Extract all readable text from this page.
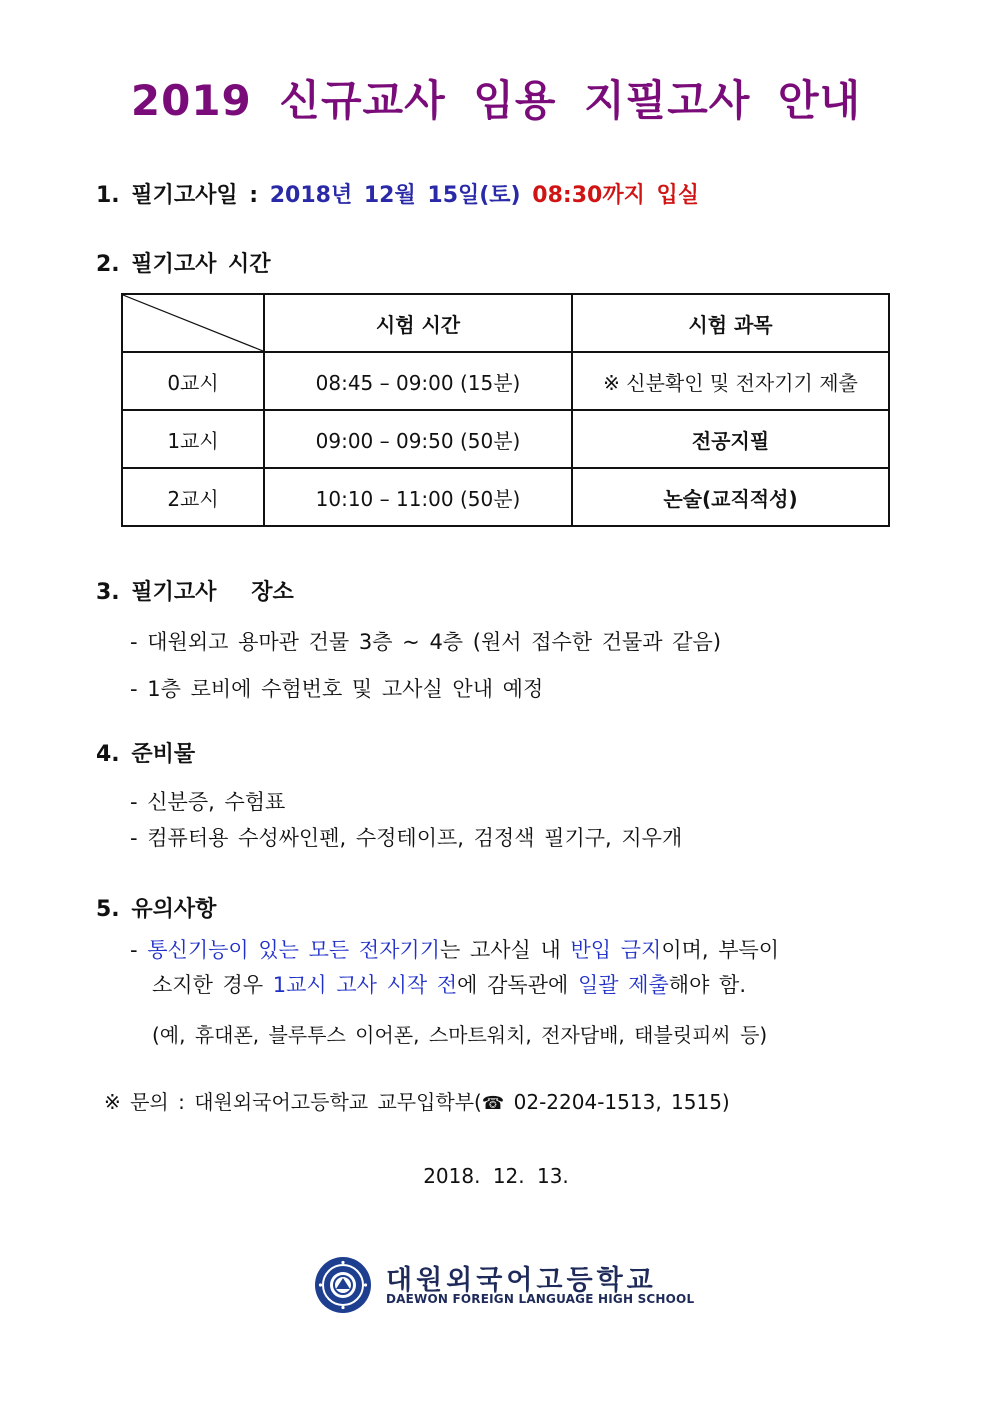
2019 신규교사 임용 지필고사 안내
1. 필기고사일 : 2018년 12월 15일(토) 08:30까지 입실
2. 필기고사 시간
	시험 시간	시험 과목
0교시	08:45 – 09:00 (15분)	※ 신분확인 및 전자기기 제출
1교시	09:00 – 09:50 (50분)	전공지필
2교시	10:10 – 11:00 (50분)	논술(교직적성)
3. 필기고사   장소
- 대원외고 용마관 건물 3층 ~ 4층 (원서 접수한 건물과 같음)
- 1층 로비에 수험번호 및 고사실 안내 예정
4. 준비물
- 신분증, 수험표
- 컴퓨터용 수성싸인펜, 수정테이프, 검정색 필기구, 지우개
5. 유의사항
- 통신기능이 있는 모든 전자기기는 고사실 내 반입 금지이며, 부득이
소지한 경우 1교시 고사 시작 전에 감독관에 일괄 제출해야 함.
(예, 휴대폰, 블루투스 이어폰, 스마트워치, 전자담배, 태블릿피씨 등)
※ 문의 : 대원외국어고등학교 교무입학부(☎ 02-2204-1513, 1515)
2018. 12. 13.
대원외국어고등학교
DAEWON FOREIGN LANGUAGE HIGH SCHOOL
